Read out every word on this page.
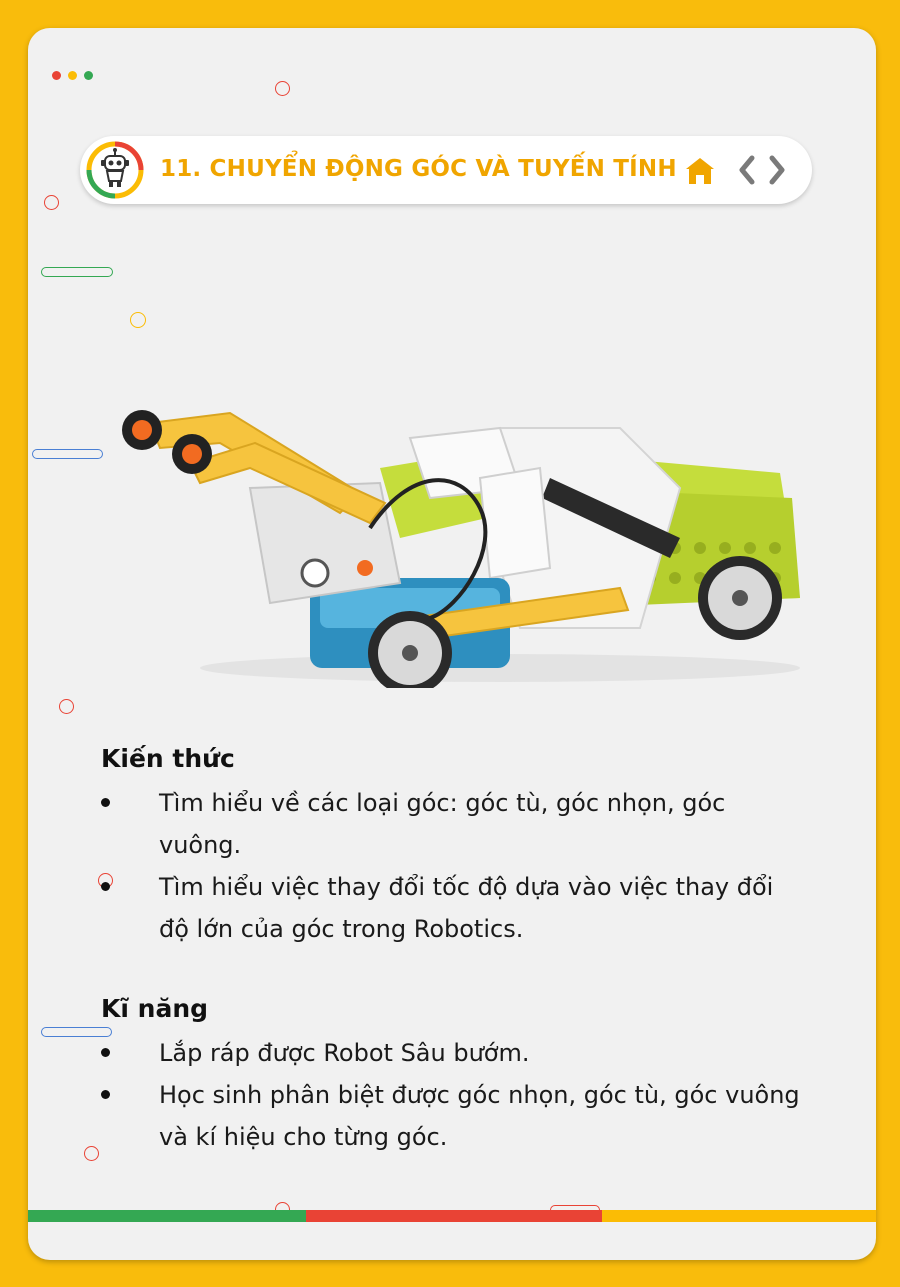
11. CHUYỂN ĐỘNG GÓC VÀ TUYẾN TÍNH
Kiến thức
Tìm hiểu về các loại góc: góc tù, góc nhọn, góc vuông.
Tìm hiểu việc thay đổi tốc độ dựa vào việc thay đổi độ lớn của góc trong Robotics.
Kĩ năng
Lắp ráp được Robot Sâu bướm.
Học sinh phân biệt được góc nhọn, góc tù, góc vuông và kí hiệu cho từng góc.
